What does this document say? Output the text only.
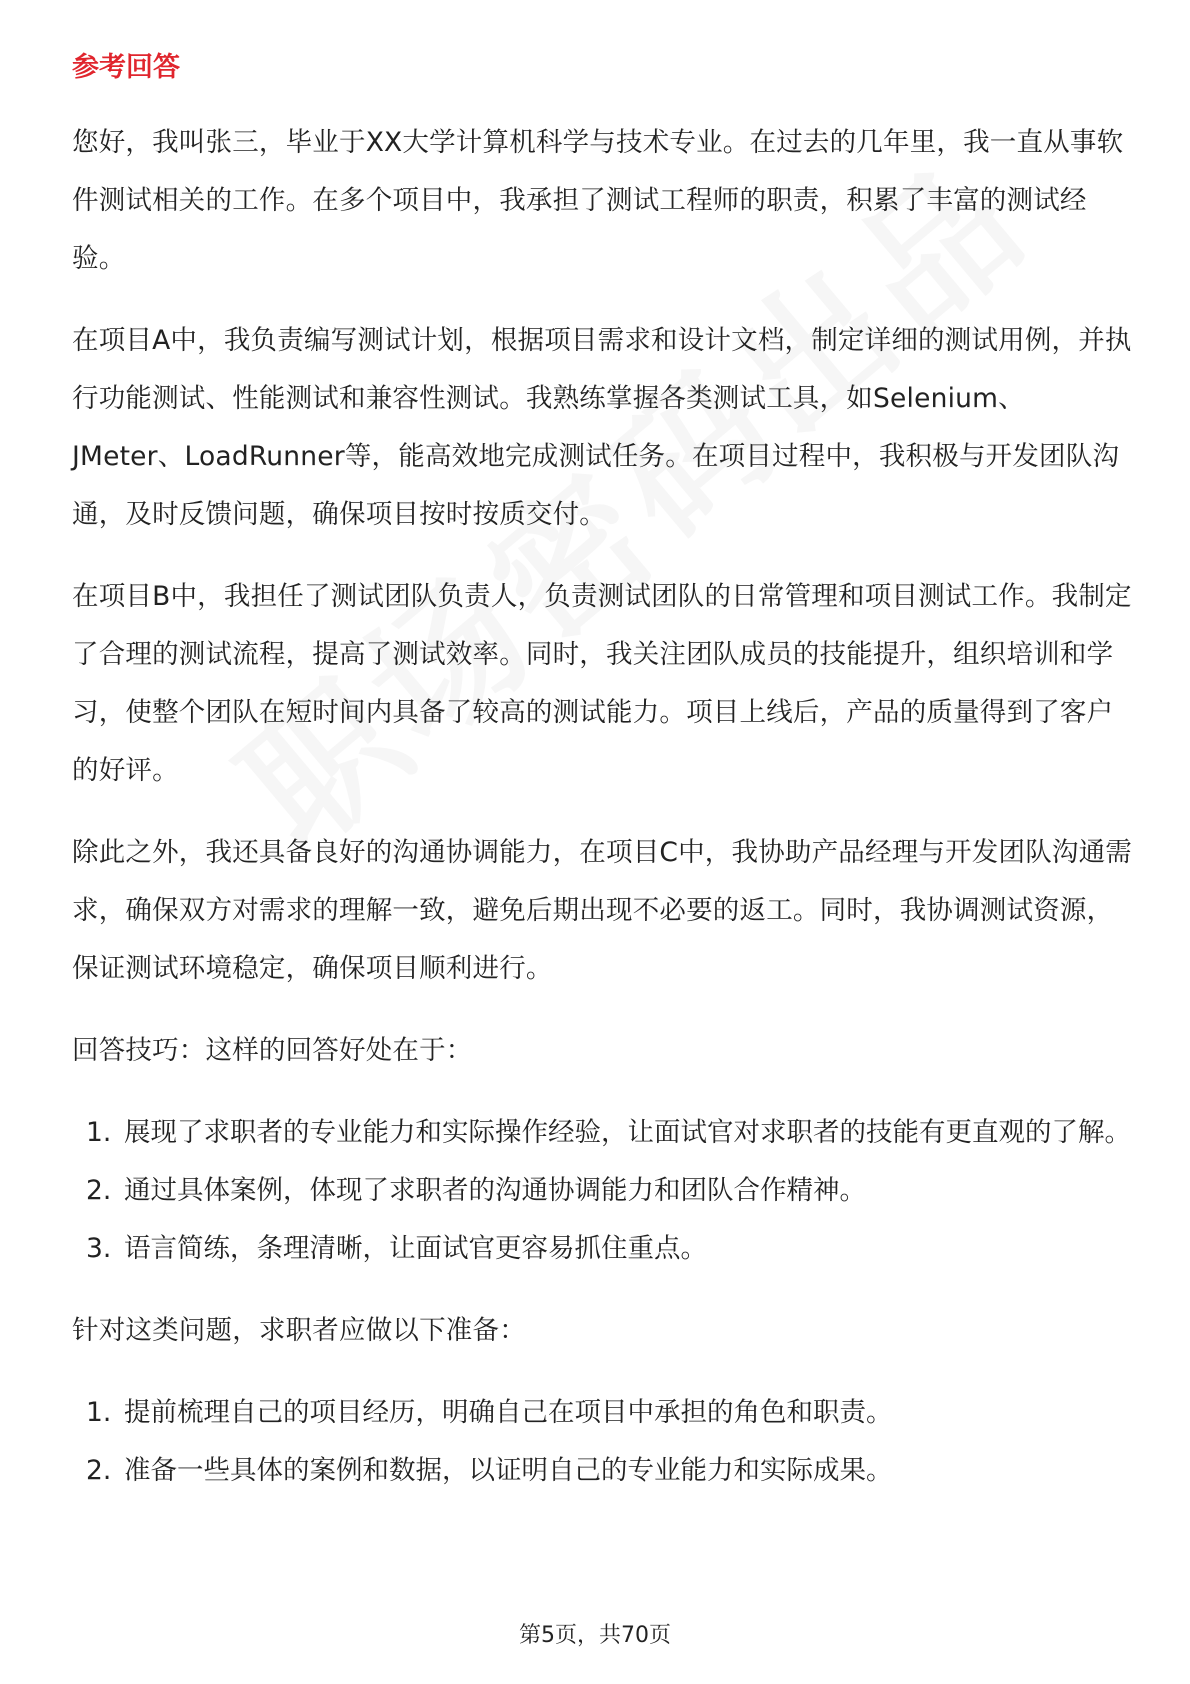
参考回答

您好，我叫张三，毕业于XX大学计算机科学与技术专业。在过去的几年里，我一直从事软件测试相关的工作。在多个项目中，我承担了测试工程师的职责，积累了丰富的测试经验。

在项目A中，我负责编写测试计划，根据项目需求和设计文档，制定详细的测试用例，并执行功能测试、性能测试和兼容性测试。我熟练掌握各类测试工具，如Selenium、JMeter、LoadRunner等，能高效地完成测试任务。在项目过程中，我积极与开发团队沟通，及时反馈问题，确保项目按时按质交付。

在项目B中，我担任了测试团队负责人，负责测试团队的日常管理和项目测试工作。我制定了合理的测试流程，提高了测试效率。同时，我关注团队成员的技能提升，组织培训和学习，使整个团队在短时间内具备了较高的测试能力。项目上线后，产品的质量得到了客户的好评。

除此之外，我还具备良好的沟通协调能力，在项目C中，我协助产品经理与开发团队沟通需求，确保双方对需求的理解一致，避免后期出现不必要的返工。同时，我协调测试资源，保证测试环境稳定，确保项目顺利进行。

回答技巧：这样的回答好处在于：

1. 展现了求职者的专业能力和实际操作经验，让面试官对求职者的技能有更直观的了解。
2. 通过具体案例，体现了求职者的沟通协调能力和团队合作精神。
3. 语言简练，条理清晰，让面试官更容易抓住重点。

针对这类问题，求职者应做以下准备：

1. 提前梳理自己的项目经历，明确自己在项目中承担的角色和职责。
2. 准备一些具体的案例和数据，以证明自己的专业能力和实际成果。
第5页，共70页
